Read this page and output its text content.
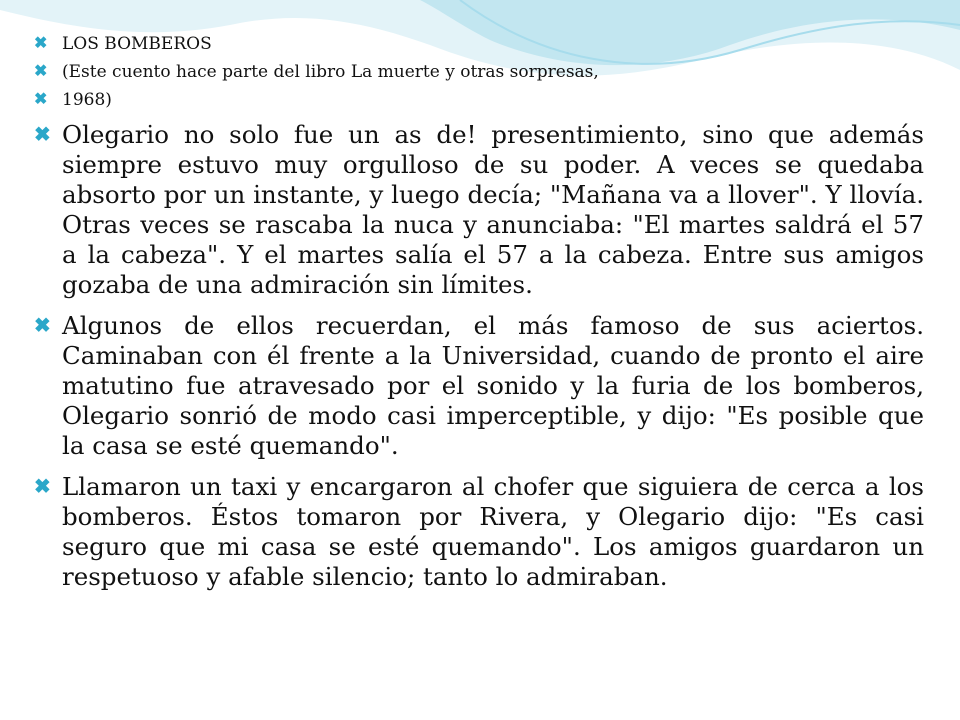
✖ LOS BOMBEROS
✖ (Este cuento hace parte del libro La muerte y otras sorpresas,
✖ 1968)
✖ Olegario no solo fue un as de! presentimiento, sino que además siempre estuvo muy orgulloso de su poder. A veces se quedaba absorto por un instante, y luego decía; "Mañana va a llover". Y llovía. Otras veces se rascaba la nuca y anunciaba: "El martes saldrá el 57 a la cabeza". Y el martes salía el 57 a la cabeza. Entre sus amigos gozaba de una admiración sin límites.
✖ Algunos de ellos recuerdan, el más famoso de sus aciertos. Caminaban con él frente a la Universidad, cuando de pronto el aire matutino fue atravesado por el sonido y la furia de los bomberos, Olegario sonrió de modo casi imperceptible, y dijo: "Es posible que la casa se esté quemando".
✖ Llamaron un taxi y encargaron al chofer que siguiera de cerca a los bomberos. Éstos tomaron por Rivera, y Olegario dijo: "Es casi seguro que mi casa se esté quemando". Los amigos guardaron un respetuoso y afable silencio; tanto lo admiraban.
